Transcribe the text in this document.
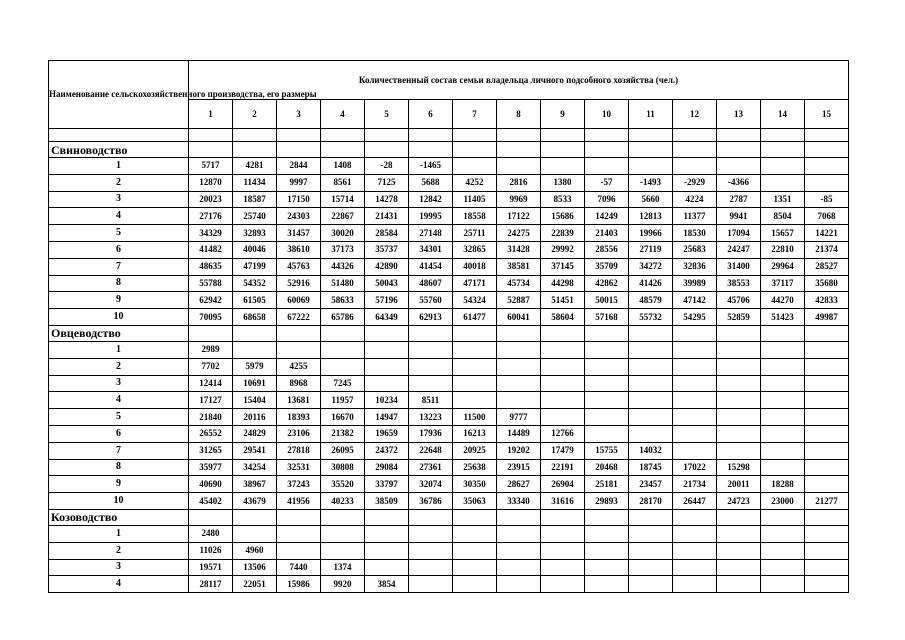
Наименование сельскохозяйственного производства, его размеры	Количественный состав семьи владельца личного подсобного хозяйства (чел.)														
	1	2	3	4	5	6	7	8	9	10	11	12	13	14	15

Свиноводство															
1	5717	4281	2844	1408	-28	-1465									
2	12870	11434	9997	8561	7125	5688	4252	2816	1380	-57	-1493	-2929	-4366		
3	20023	18587	17150	15714	14278	12842	11405	9969	8533	7096	5660	4224	2787	1351	-85
4	27176	25740	24303	22867	21431	19995	18558	17122	15686	14249	12813	11377	9941	8504	7068
5	34329	32893	31457	30020	28584	27148	25711	24275	22839	21403	19966	18530	17094	15657	14221
6	41482	40046	38610	37173	35737	34301	32865	31428	29992	28556	27119	25683	24247	22810	21374
7	48635	47199	45763	44326	42890	41454	40018	38581	37145	35709	34272	32836	31400	29964	28527
8	55788	54352	52916	51480	50043	48607	47171	45734	44298	42862	41426	39989	38553	37117	35680
9	62942	61505	60069	58633	57196	55760	54324	52887	51451	50015	48579	47142	45706	44270	42833
10	70095	68658	67222	65786	64349	62913	61477	60041	58604	57168	55732	54295	52859	51423	49987
Овцеводство															
1	2989														
2	7702	5979	4255												
3	12414	10691	8968	7245											
4	17127	15404	13681	11957	10234	8511									
5	21840	20116	18393	16670	14947	13223	11500	9777							
6	26552	24829	23106	21382	19659	17936	16213	14489	12766						
7	31265	29541	27818	26095	24372	22648	20925	19202	17479	15755	14032				
8	35977	34254	32531	30808	29084	27361	25638	23915	22191	20468	18745	17022	15298		
9	40690	38967	37243	35520	33797	32074	30350	28627	26904	25181	23457	21734	20011	18288	
10	45402	43679	41956	40233	38509	36786	35063	33340	31616	29893	28170	26447	24723	23000	21277
Козоводство															
1	2480														
2	11026	4960													
3	19571	13506	7440	1374											
4	28117	22051	15986	9920	3854										
